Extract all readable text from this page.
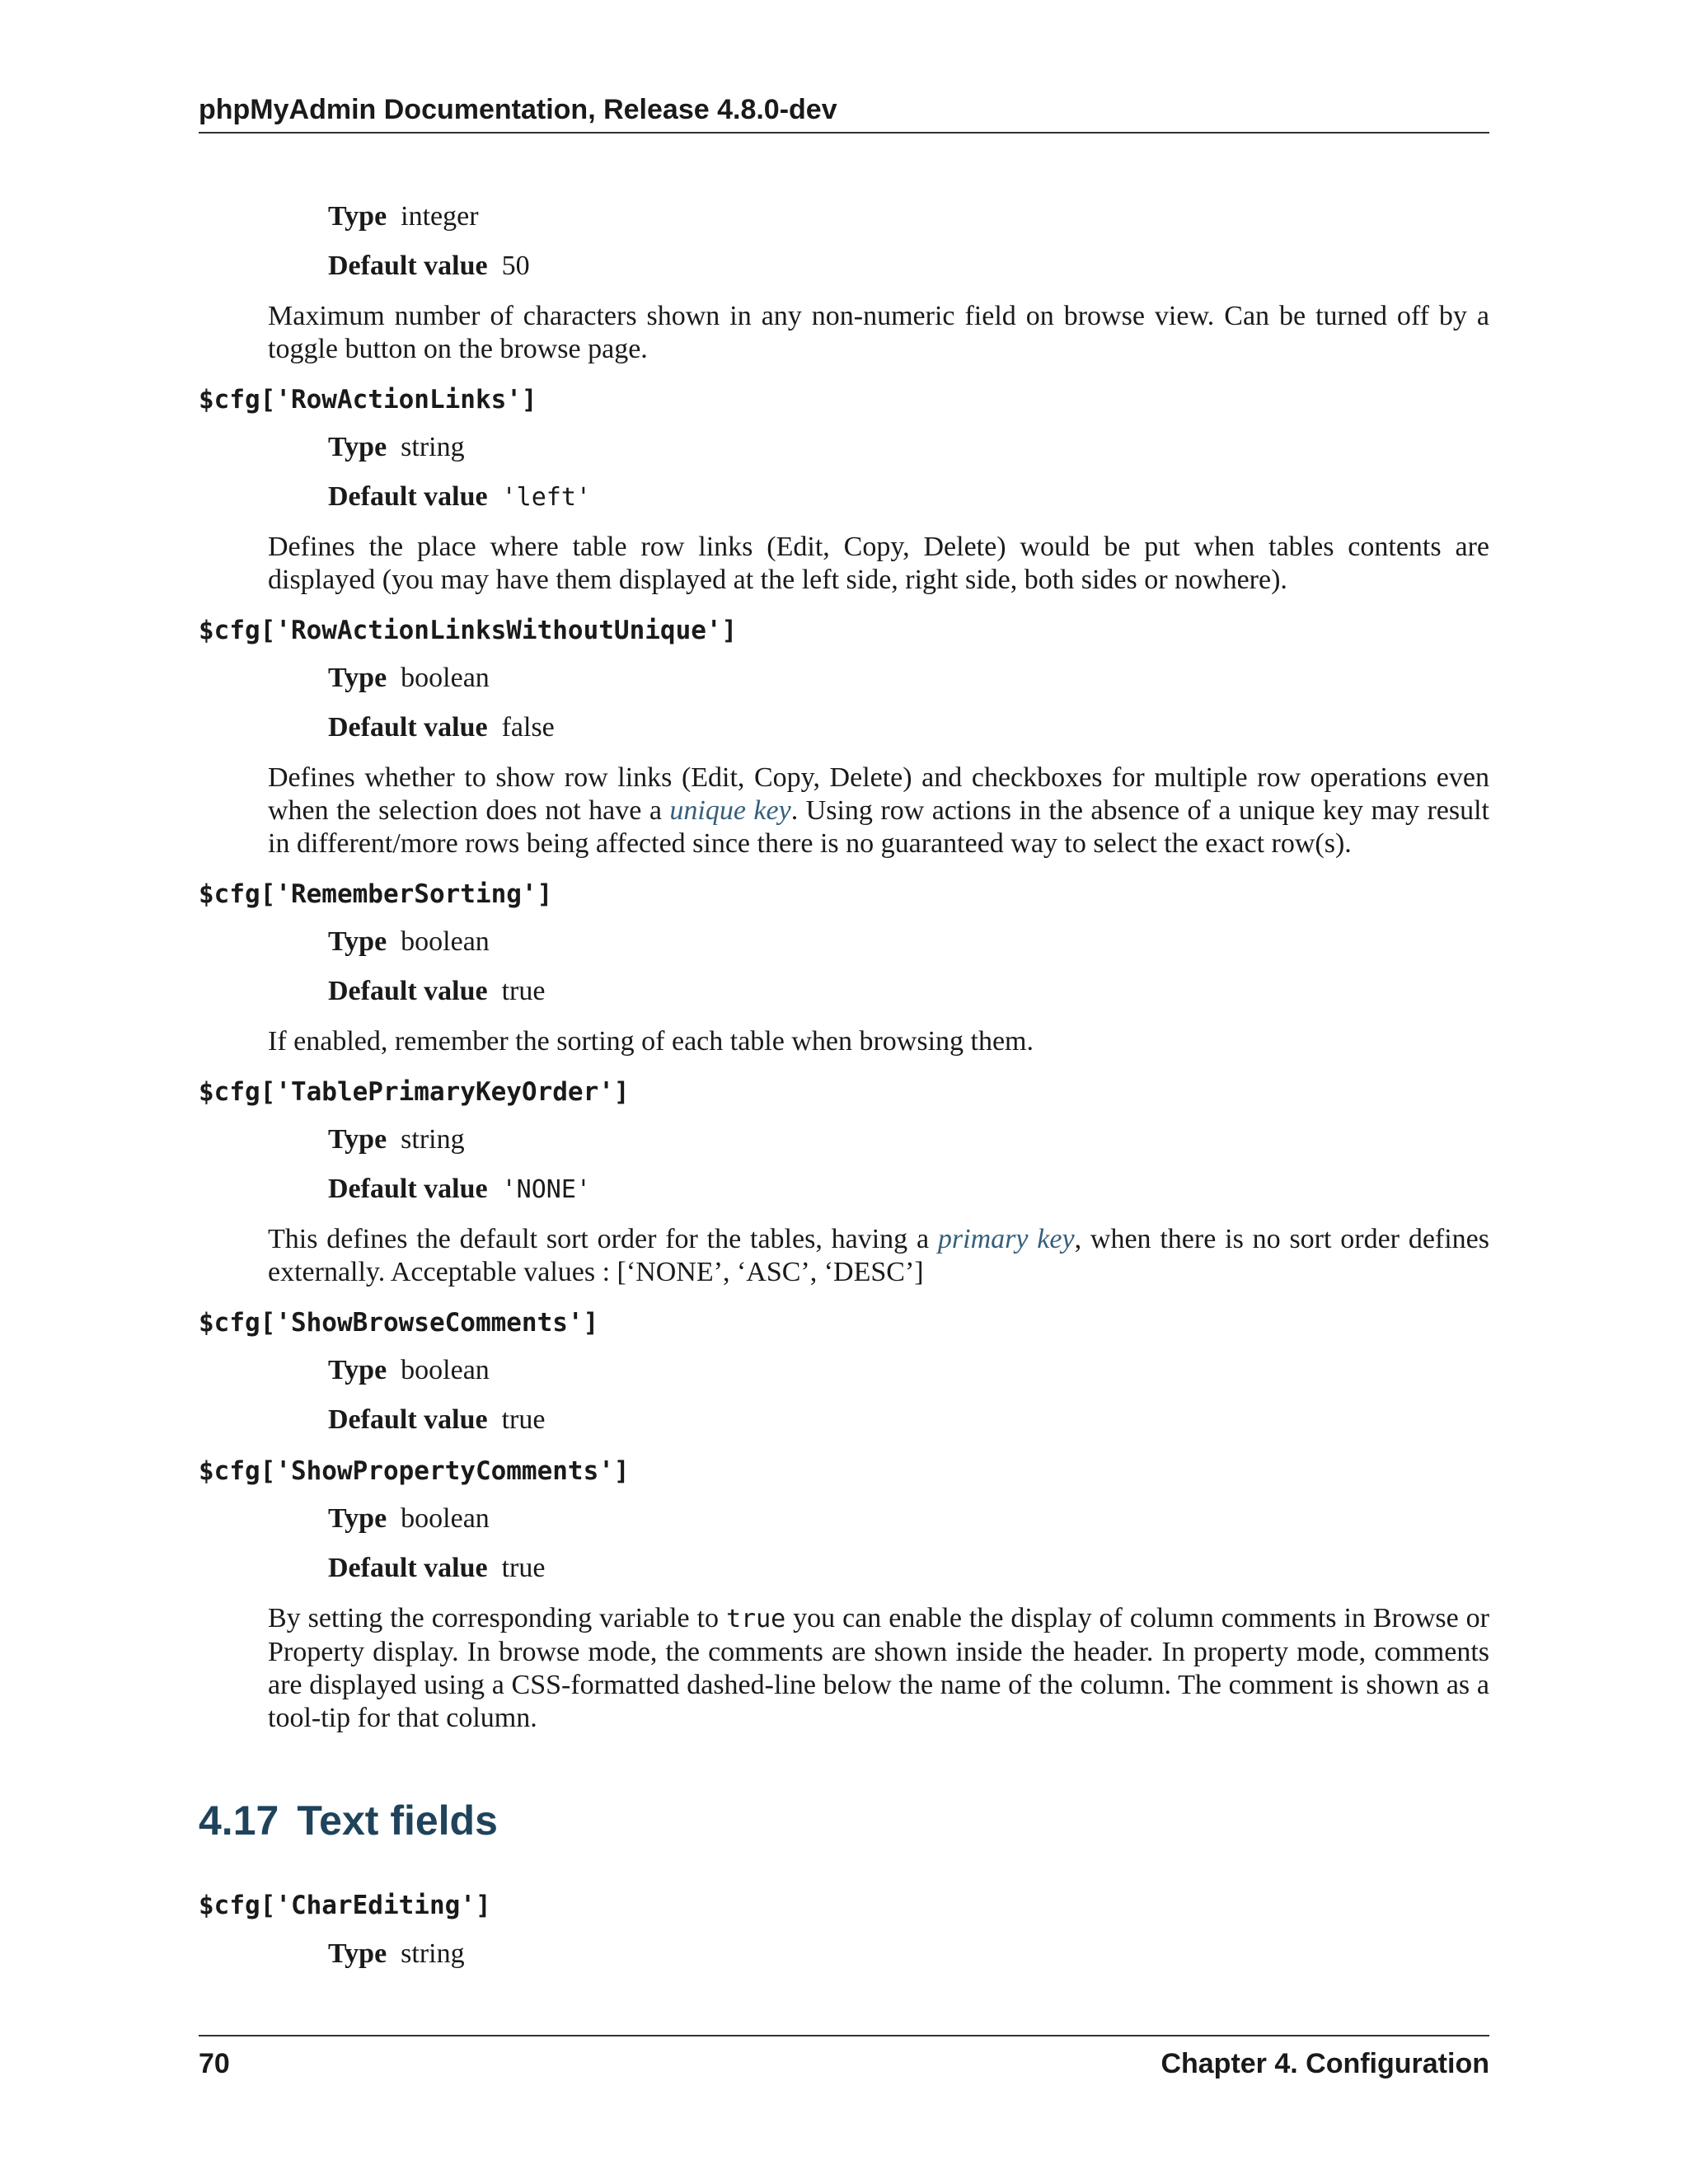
phpMyAdmin Documentation, Release 4.8.0-dev
Type integer
Default value 50
Maximum number of characters shown in any non-numeric field on browse view. Can be turned off by a toggle button on the browse page.
$cfg['RowActionLinks']
Type string
Default value 'left'
Defines the place where table row links (Edit, Copy, Delete) would be put when tables contents are displayed (you may have them displayed at the left side, right side, both sides or nowhere).
$cfg['RowActionLinksWithoutUnique']
Type boolean
Default value false
Defines whether to show row links (Edit, Copy, Delete) and checkboxes for multiple row operations even when the selection does not have a unique key. Using row actions in the absence of a unique key may result in different/more rows being affected since there is no guaranteed way to select the exact row(s).
$cfg['RememberSorting']
Type boolean
Default value true
If enabled, remember the sorting of each table when browsing them.
$cfg['TablePrimaryKeyOrder']
Type string
Default value 'NONE'
This defines the default sort order for the tables, having a primary key, when there is no sort order defines externally. Acceptable values : [‘NONE’, ‘ASC’, ‘DESC’]
$cfg['ShowBrowseComments']
Type boolean
Default value true
$cfg['ShowPropertyComments']
Type boolean
Default value true
By setting the corresponding variable to true you can enable the display of column comments in Browse or Property display. In browse mode, the comments are shown inside the header. In property mode, comments are displayed using a CSS-formatted dashed-line below the name of the column. The comment is shown as a tool-tip for that column.
4.17 Text fields
$cfg['CharEditing']
Type string
70	Chapter 4. Configuration
